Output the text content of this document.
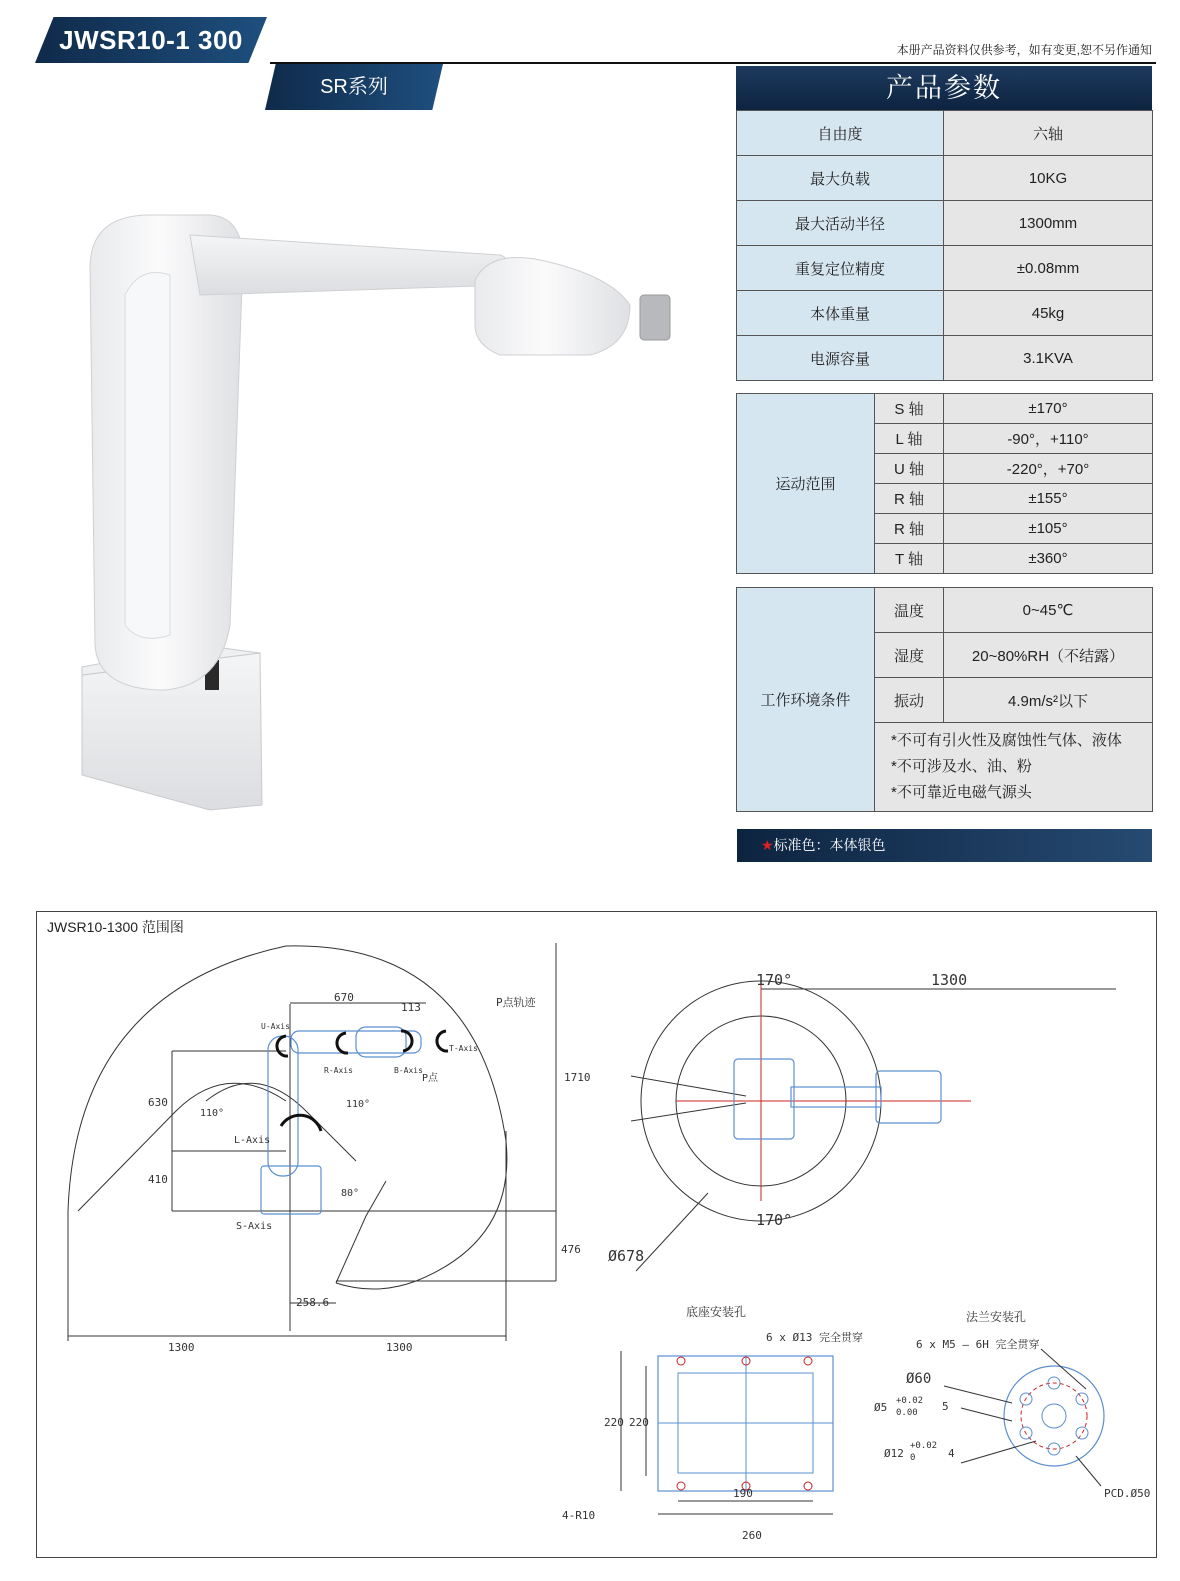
JWSR10-1 300
SR系列
本册产品资料仅供参考，如有变更,恕不另作通知
产品参数
自由度	六轴
最大负载	10KG
最大活动半径	1300mm
重复定位精度	±0.08mm
本体重量	45kg
电源容量	3.1KVA
运动范围	S 轴	±170°
	L 轴	-90°，+110°
	U 轴	-220°，+70°
	R 轴	±155°
	R 轴	±105°
	T 轴	±360°
工作环境条件	温度	0~45℃
	湿度	20~80%RH（不结露）
	振动	4.9m/s²以下

	*不可有引火性及腐蚀性气体、液体
*不可涉及水、油、粉
*不可靠近电磁气源头	
★标准色：本体银色
670
113	P点轨迹
1710
630
410
476
258.6
1300	1300
U-Axis
R-Axis	B-Axis
T-Axis
L-Axis
S-Axis
P点
110°
110°
80°
170°
170°
1300
Ø678
底座安装孔
6 x Ø13 完全贯穿
220 220
190
260
4-R10
法兰安装孔
6 x M5 – 6H 完全贯穿
Ø60
Ø5 +0.02
0.00 5
Ø12
+0.02
0	4
PCD.Ø50
JWSR10-1300 范围图
